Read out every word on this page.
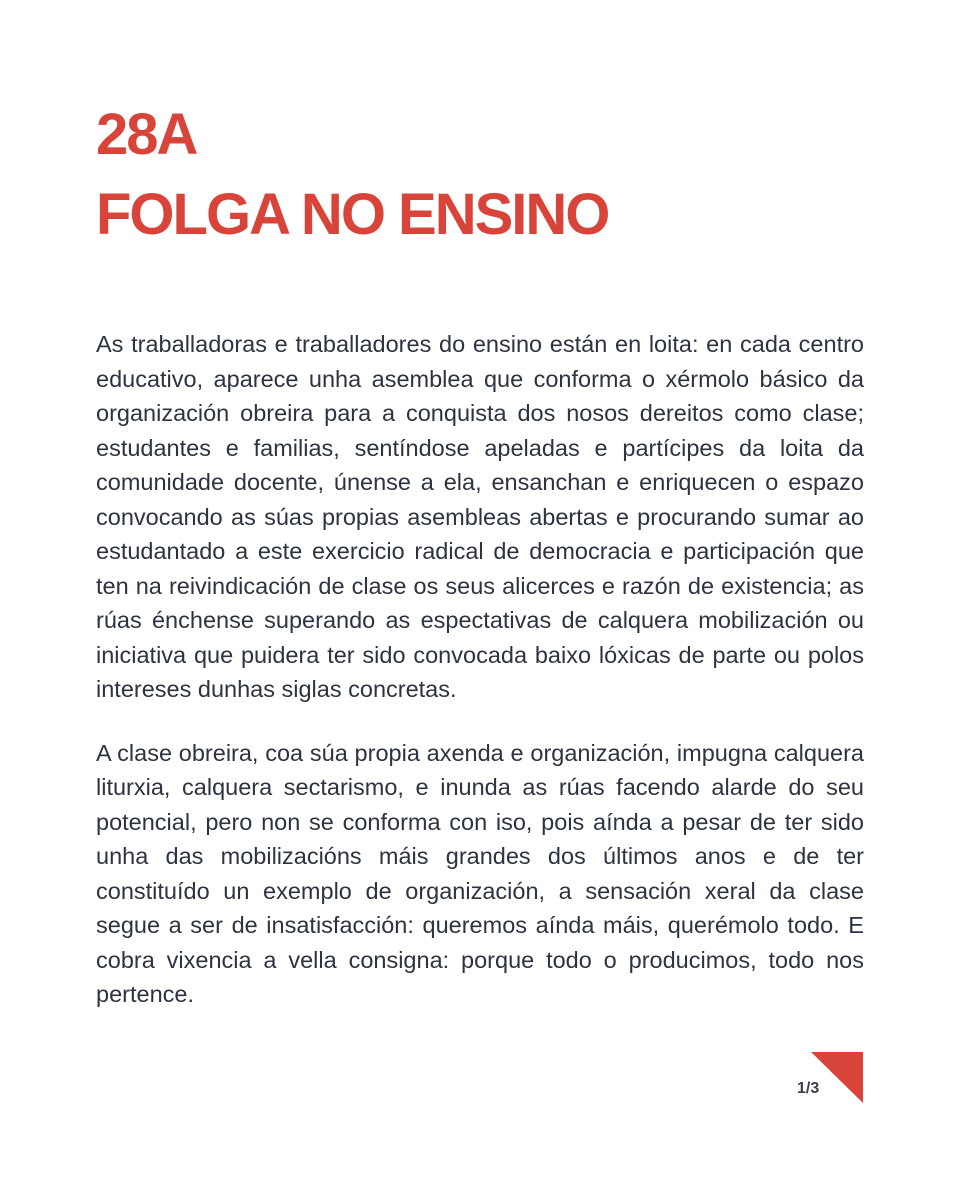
28A
FOLGA NO ENSINO

As traballadoras e traballadores do ensino están en loita: en cada centro educativo, aparece unha asemblea que conforma o xérmolo básico da organización obreira para a conquista dos nosos dereitos como clase; estudantes e familias, sentíndose apeladas e partícipes da loita da comunidade docente, únense a ela, ensanchan e enriquecen o espazo convocando as súas propias asembleas abertas e procurando sumar ao estudantado a este exercicio radical de democracia e participación que ten na reivindicación de clase os seus alicerces e razón de existencia; as rúas énchense superando as espectativas de calquera mobilización ou iniciativa que puidera ter sido convocada baixo lóxicas de parte ou polos intereses dunhas siglas concretas.

A clase obreira, coa súa propia axenda e organización, impugna calquera liturxia, calquera sectarismo, e inunda as rúas facendo alarde do seu potencial, pero non se conforma con iso, pois aínda a pesar de ter sido unha das mobilizacións máis grandes dos últimos anos e de ter constituído un exemplo de organización, a sensación xeral da clase segue a ser de insatisfacción: queremos aínda máis, querémolo todo. E cobra vixencia a vella consigna: porque todo o producimos, todo nos pertence.

1/3
